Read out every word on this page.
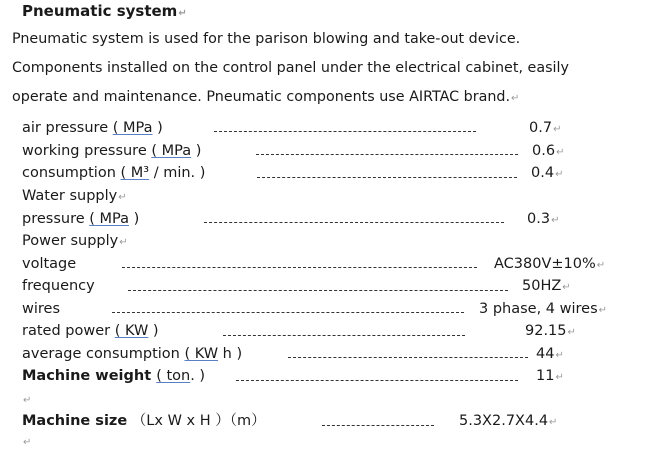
Pneumatic system↵
Pneumatic system is used for the parison blowing and take-out device.
Components installed on the control panel under the electrical cabinet, easily
operate and maintenance. Pneumatic components use AIRTAC brand.↵
air pressure ( MPa )	0.7↵
working pressure ( MPa )	0.6↵
consumption ( M³ / min. )	0.4↵
Water supply↵
pressure ( MPa )	0.3↵
Power supply↵
voltage	AC380V±10%↵
frequency	50HZ↵
wires	3 phase, 4 wires↵
rated power ( KW )	92.15↵
average consumption ( KW h )	44↵
Machine weight ( ton. )	11↵
↵
Machine size （Lx W x H ）（m）	5.3X2.7X4.4↵
↵
